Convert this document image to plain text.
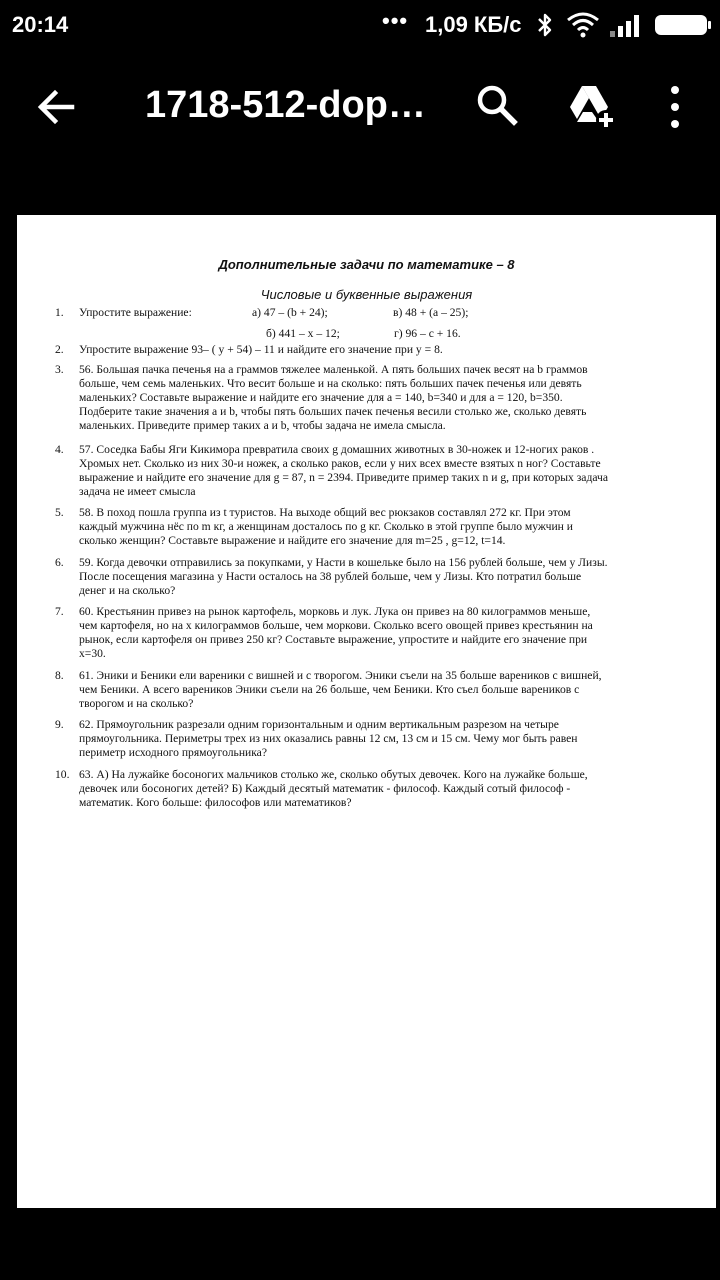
20:14	••• 1,09 КБ/с
1718-512-dop…
Дополнительные задачи по математике – 8
Числовые и буквенные выражения
1. Упростите выражение:	а) 47 – (b + 24);	в) 48 + (a – 25);
б) 441 – x – 12;	г) 96 – c + 16.
2. Упростите выражение 93– ( y + 54) – 11 и найдите его значение при y = 8.
3. 56. Большая пачка печенья на a граммов тяжелее маленькой. А пять больших пачек весят на b граммов
больше, чем семь маленьких. Что весит больше и на сколько: пять больших пачек печенья или девять
маленьких? Составьте выражение и найдите его значение для a = 140, b=340 и для a = 120, b=350.
Подберите такие значения a и b, чтобы пять больших пачек печенья весили столько же, сколько девять
маленьких. Приведите пример таких a и b, чтобы задача не имела смысла.
4. 57. Соседка Бабы Яги Кикимора превратила своих g домашних животных в 30-ножек и 12-ногих раков .
Хромых нет. Сколько из них 30-и ножек, а сколько раков, если у них всех вместе взятых n ног? Составьте
выражение и найдите его значение для g = 87, n = 2394. Приведите пример таких n и g, при которых задача
задача не имеет смысла
5. 58. В поход пошла группа из t туристов. На выходе общий вес рюкзаков составлял 272 кг. При этом
каждый мужчина нёс по m кг, а женщинам досталось по g кг. Сколько в этой группе было мужчин и
сколько женщин? Составьте выражение и найдите его значение для m=25 , g=12, t=14.
6. 59. Когда девочки отправились за покупками, у Насти в кошельке было на 156 рублей больше, чем у Лизы.
После посещения магазина у Насти осталось на 38 рублей больше, чем у Лизы. Кто потратил больше
денег и на сколько?
7. 60. Крестьянин привез на рынок картофель, морковь и лук. Лука он привез на 80 килограммов меньше,
чем картофеля, но на x килограммов больше, чем моркови. Сколько всего овощей привез крестьянин на
рынок, если картофеля он привез 250 кг? Составьте выражение, упростите и найдите его значение при
x=30.
8. 61. Эники и Беники ели вареники с вишней и с творогом. Эники съели на 35 больше вареников с вишней,
чем Беники. А всего вареников Эники съели на 26 больше, чем Беники. Кто съел больше вареников с
творогом и на сколько?
9. 62. Прямоугольник разрезали одним горизонтальным и одним вертикальным разрезом на четыре
прямоугольника. Периметры трех из них оказались равны 12 см, 13 см и 15 см. Чему мог быть равен
периметр исходного прямоугольника?
10. 63. А) На лужайке босоногих мальчиков столько же, сколько обутых девочек. Кого на лужайке больше,
девочек или босоногих детей? Б) Каждый десятый математик - философ. Каждый сотый философ -
математик. Кого больше: философов или математиков?
